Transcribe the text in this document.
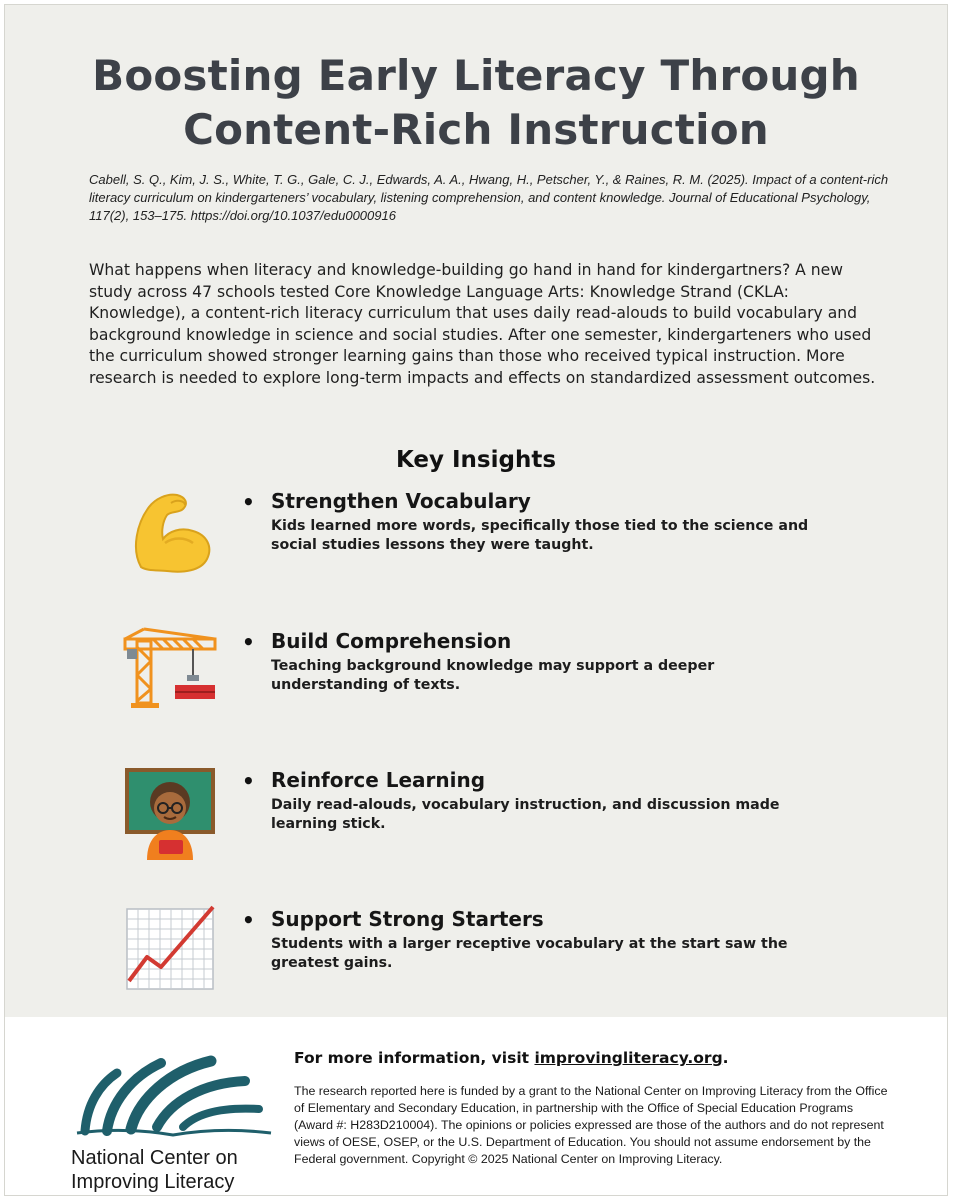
Boosting Early Literacy Through
Content-Rich Instruction

Cabell, S. Q., Kim, J. S., White, T. G., Gale, C. J., Edwards, A. A., Hwang, H., Petscher, Y., & Raines, R. M. (2025). Impact of a content-rich literacy curriculum on kindergarteners’ vocabulary, listening comprehension, and content knowledge. Journal of Educational Psychology, 117(2), 153–175. https://doi.org/10.1037/edu0000916

What happens when literacy and knowledge-building go hand in hand for kindergartners? A new study across 47 schools tested Core Knowledge Language Arts: Knowledge Strand (CKLA: Knowledge), a content-rich literacy curriculum that uses daily read-alouds to build vocabulary and background knowledge in science and social studies. After one semester, kindergarteners who used the curriculum showed stronger learning gains than those who received typical instruction. More research is needed to explore long-term impacts and effects on standardized assessment outcomes.

Key Insights
• Strengthen Vocabulary
Kids learned more words, specifically those tied to the science and social studies lessons they were taught.
• Build Comprehension
Teaching background knowledge may support a deeper understanding of texts.
• Reinforce Learning
Daily read-alouds, vocabulary instruction, and discussion made learning stick.
• Support Strong Starters
Students with a larger receptive vocabulary at the start saw the greatest gains.
National Center on
Improving Literacy
For more information, visit improvingliteracy.org.

The research reported here is funded by a grant to the National Center on Improving Literacy from the Office of Elementary and Secondary Education, in partnership with the Office of Special Education Programs (Award #: H283D210004). The opinions or policies expressed are those of the authors and do not represent views of OESE, OSEP, or the U.S. Department of Education. You should not assume endorsement by the Federal government. Copyright © 2025 National Center on Improving Literacy.
